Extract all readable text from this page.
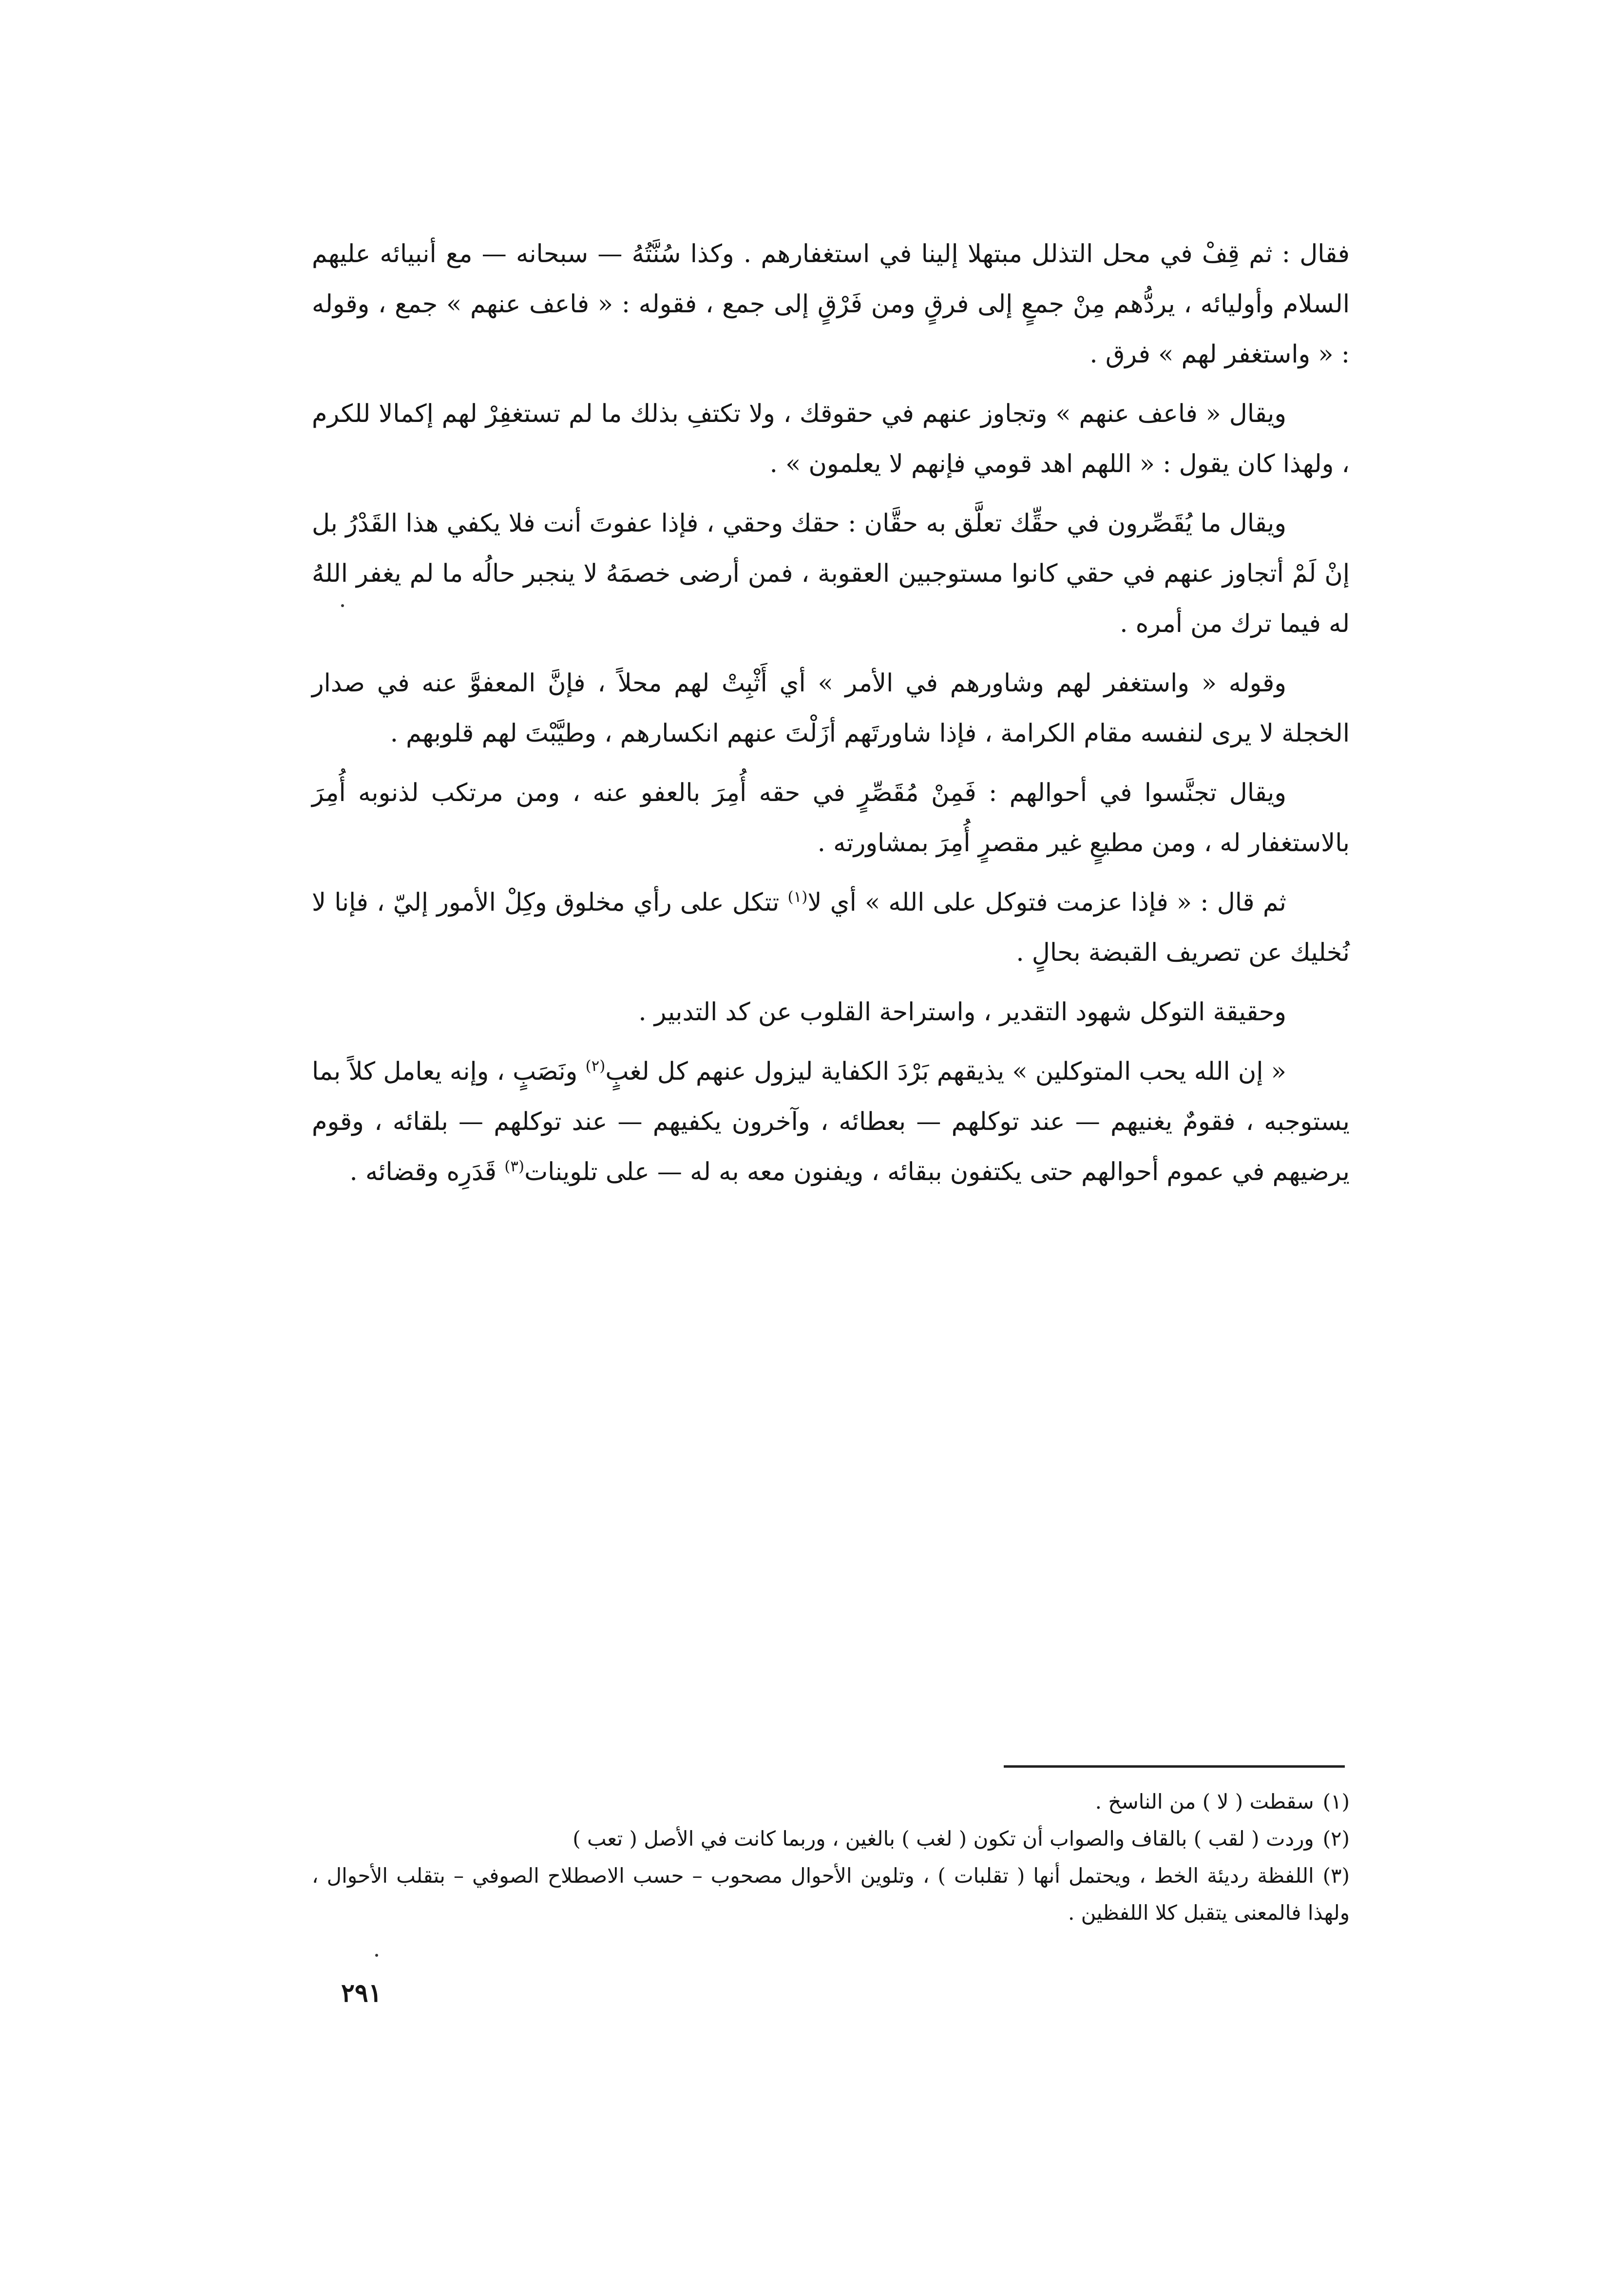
فقال : ثم قِفْ في محل التذلل مبتهلا إلينا في استغفارهم . وكذا سُنَّتُهُ — سبحانه — مع أنبيائه عليهم السلام وأوليائه ، يردُّهم مِنْ جمعٍ إلى فرقٍ ومن فَرْقٍ إلى جمع ، فقوله : « فاعف عنهم » جمع ، وقوله : « واستغفر لهم » فرق .

ويقال « فاعف عنهم » وتجاوز عنهم في حقوقك ، ولا تكتفِ بذلك ما لم تستغفِرْ لهم إكمالا للكرم ، ولهذا كان يقول : « اللهم اهد قومي فإنهم لا يعلمون » .

ويقال ما يُقَصِّرون في حقِّك تعلَّق به حقَّان : حقك وحقي ، فإذا عفوتَ أنت فلا يكفي هذا القَدْرُ بل إنْ لَمْ أتجاوز عنهم في حقي كانوا مستوجبين العقوبة ، فمن أرضى خصمَهُ لا ينجبر حالُه ما لم يغفر اللهُ له فيما ترك من أمره .

وقوله « واستغفر لهم وشاورهم في الأمر » أي أَثْبِتْ لهم محلاً ، فإنَّ المعفوَّ عنه في صدار الخجلة لا يرى لنفسه مقام الكرامة ، فإذا شاورتَهم أزَلْتَ عنهم انكسارهم ، وطيَّبْتَ لهم قلوبهم .

ويقال تجنَّسوا في أحوالهم : فَمِنْ مُقَصِّرٍ في حقه أُمِرَ بالعفو عنه ، ومن مرتكب لذنوبه أُمِرَ بالاستغفار له ، ومن مطيعٍ غير مقصرٍ أُمِرَ بمشاورته .

ثم قال : « فإذا عزمت فتوكل على الله » أي لا$^{(١)}$ تتكل على رأي مخلوق وكِلْ الأمور إليّ ، فإنا لا نُخليك عن تصريف القبضة بحالٍ .

وحقيقة التوكل شهود التقدير ، واستراحة القلوب عن كد التدبير .

« إن الله يحب المتوكلين » يذيقهم بَرْدَ الكفاية ليزول عنهم كل لغبٍ$^{(٢)}$ ونَصَبٍ ، وإنه يعامل كلاً بما يستوجبه ، فقومٌ يغنيهم — عند توكلهم — بعطائه ، وآخرون يكفيهم — عند توكلهم — بلقائه ، وقوم يرضيهم في عموم أحوالهم حتى يكتفون ببقائه ، ويفنون معه به له — على تلوينات$^{(٣)}$ قَدَرِه وقضائه .

(١)سقطت ( لا ) من الناسخ .

(٢)وردت ( لقب ) بالقاف والصواب أن تكون ( لغب ) بالغين ، وربما كانت في الأصل ( تعب )

(٣)اللفظة رديئة الخط ، ويحتمل أنها ( تقلبات ) ، وتلوين الأحوال مصحوب – حسب الاصطلاح الصوفي – بتقلب الأحوال ، ولهذا فالمعنى يتقبل كلا اللفظين .

٢٩١
